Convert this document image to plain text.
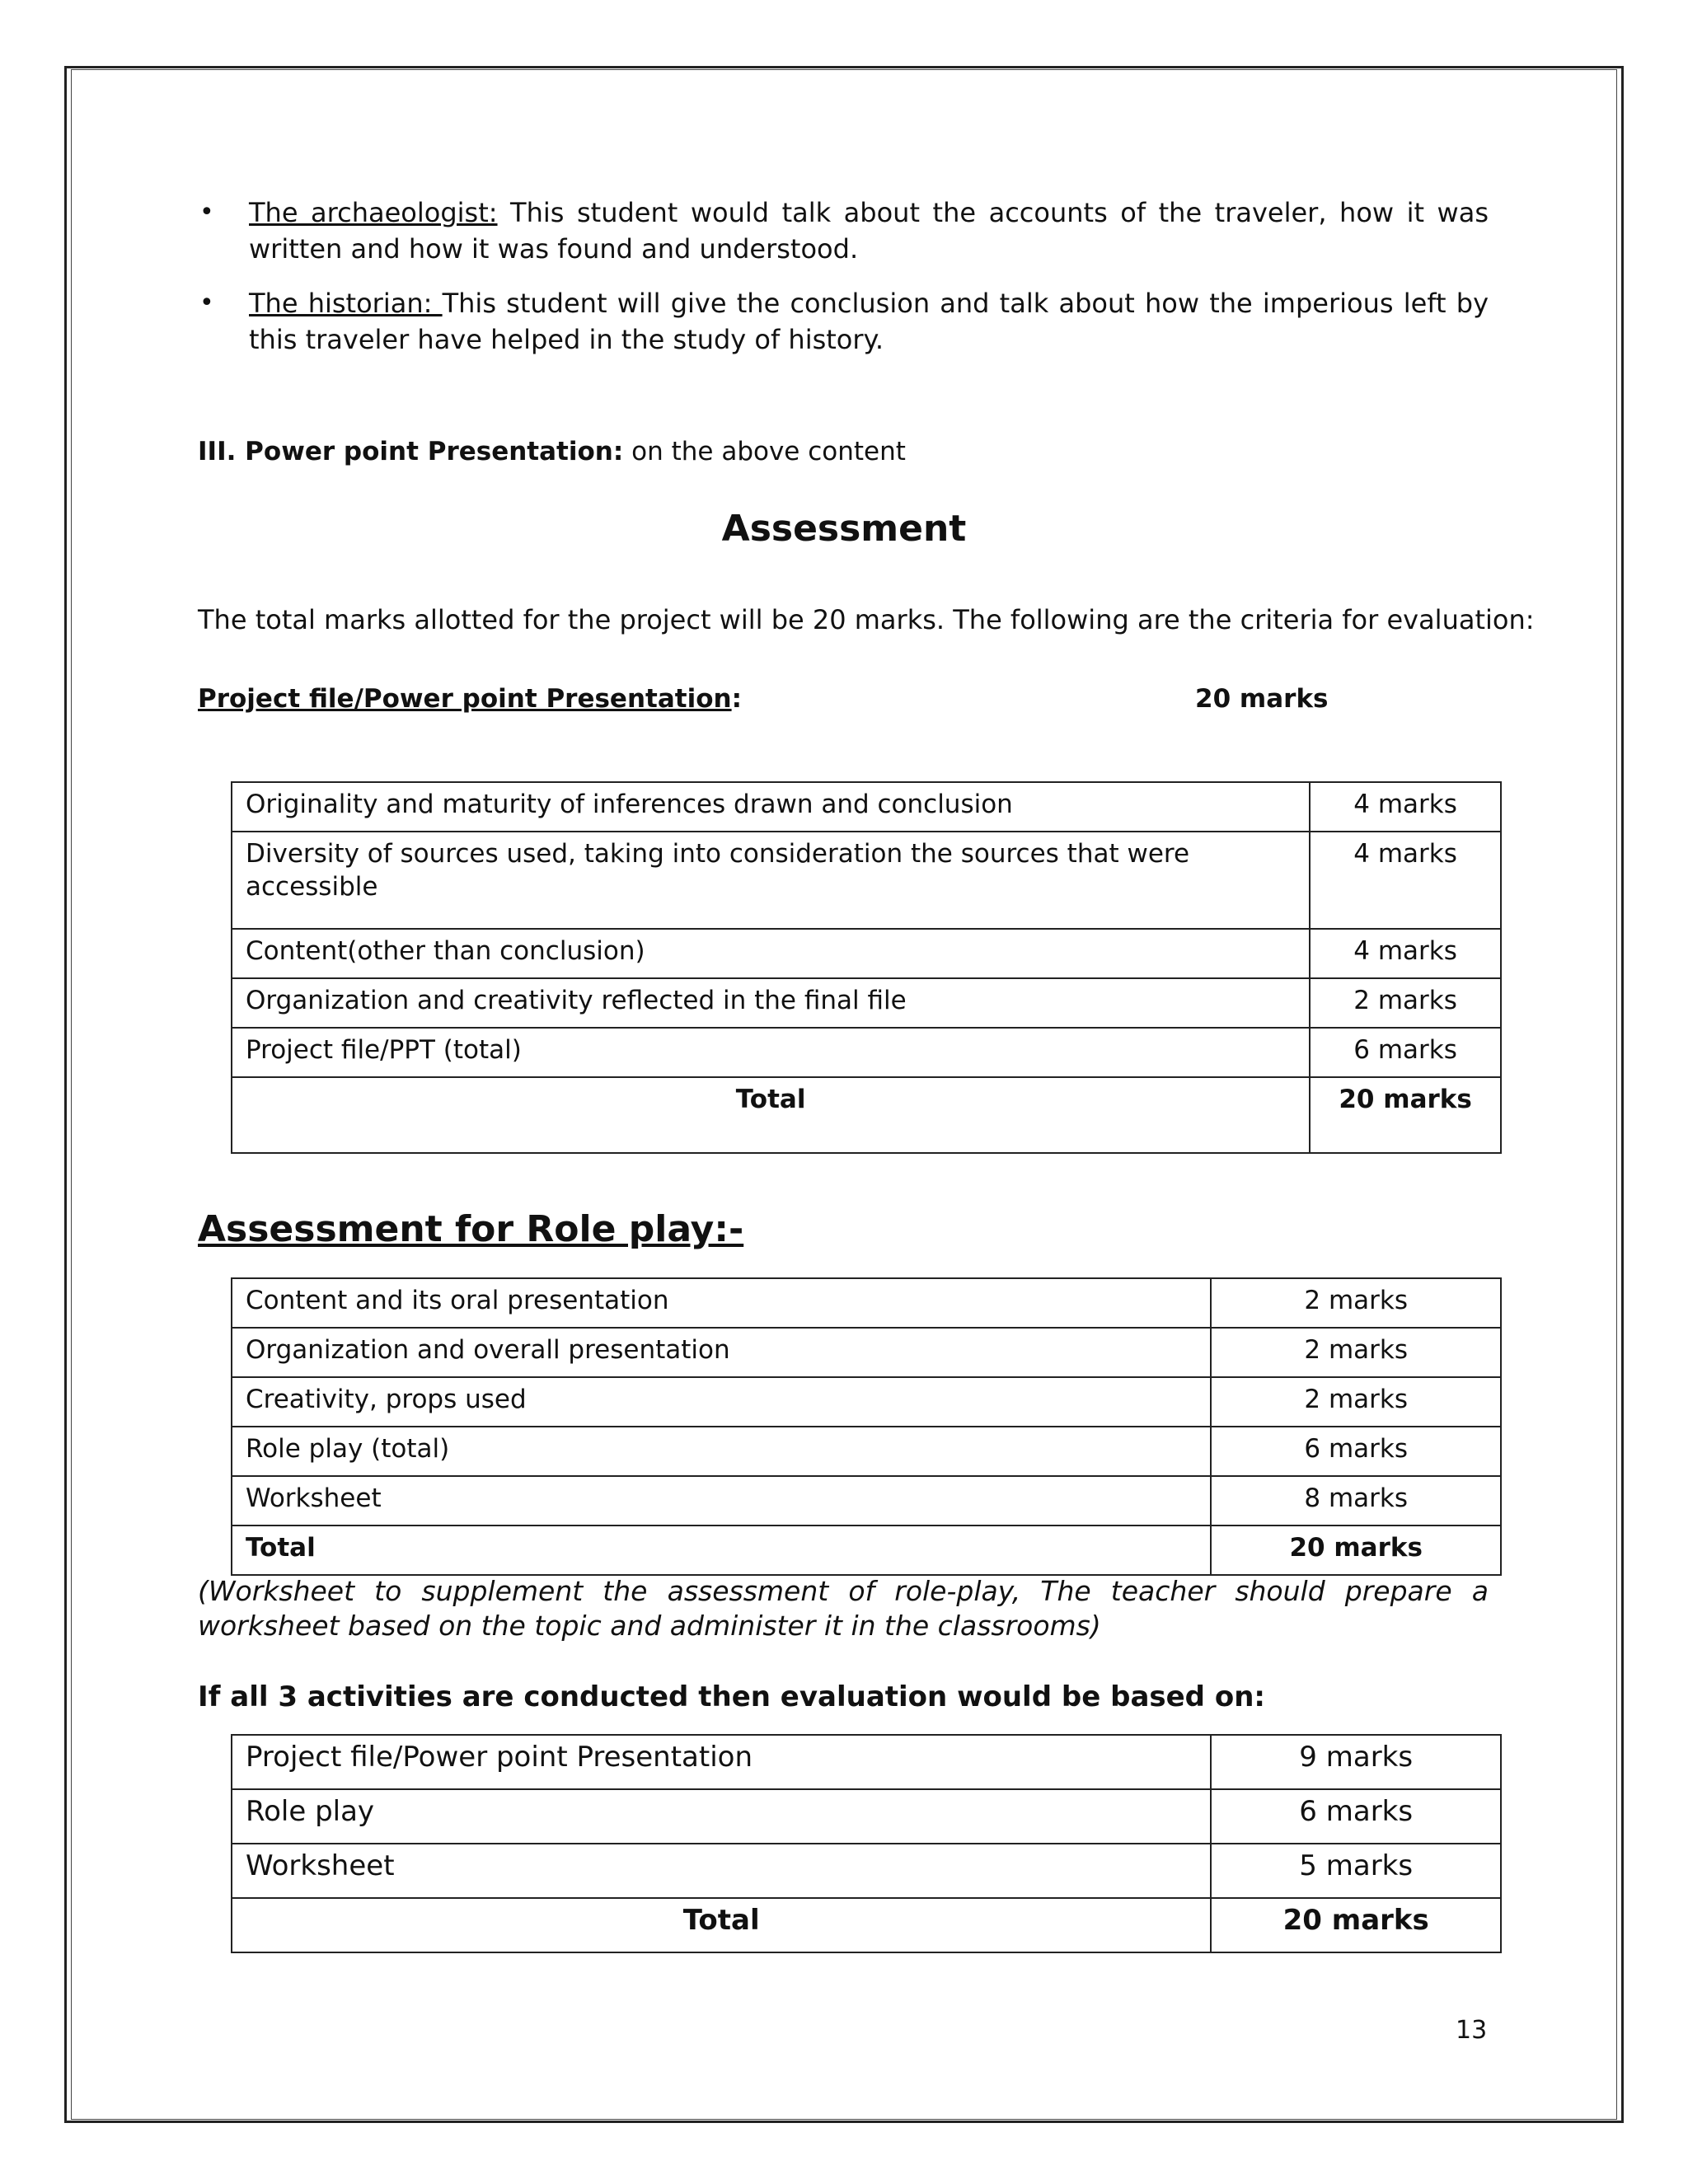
• The archaeologist: This student would talk about the accounts of the traveler, how it was written and how it was found and understood.
• The historian: This student will give the conclusion and talk about how the imperious left by this traveler have helped in the study of history.
III. Power point Presentation: on the above content
Assessment
The total marks allotted for the project will be 20 marks. The following are the criteria for evaluation:
Project file/Power point Presentation:	20 marks
Originality and maturity of inferences drawn and conclusion	4 marks
Diversity of sources used, taking into consideration the sources that were accessible	4 marks
Content(other than conclusion)	4 marks
Organization and creativity reflected in the final file	2 marks
Project file/PPT (total)	6 marks
Total	20 marks
Assessment for Role play:-
Content and its oral presentation	2 marks
Organization and overall presentation	2 marks
Creativity, props used	2 marks
Role play (total)	6 marks
Worksheet	8 marks
Total	20 marks
(Worksheet to supplement the assessment of role-play, The teacher should prepare a worksheet based on the topic and administer it in the classrooms)
If all 3 activities are conducted then evaluation would be based on:
Project file/Power point Presentation	9 marks
Role play	6 marks
Worksheet	5 marks
Total	20 marks
13
